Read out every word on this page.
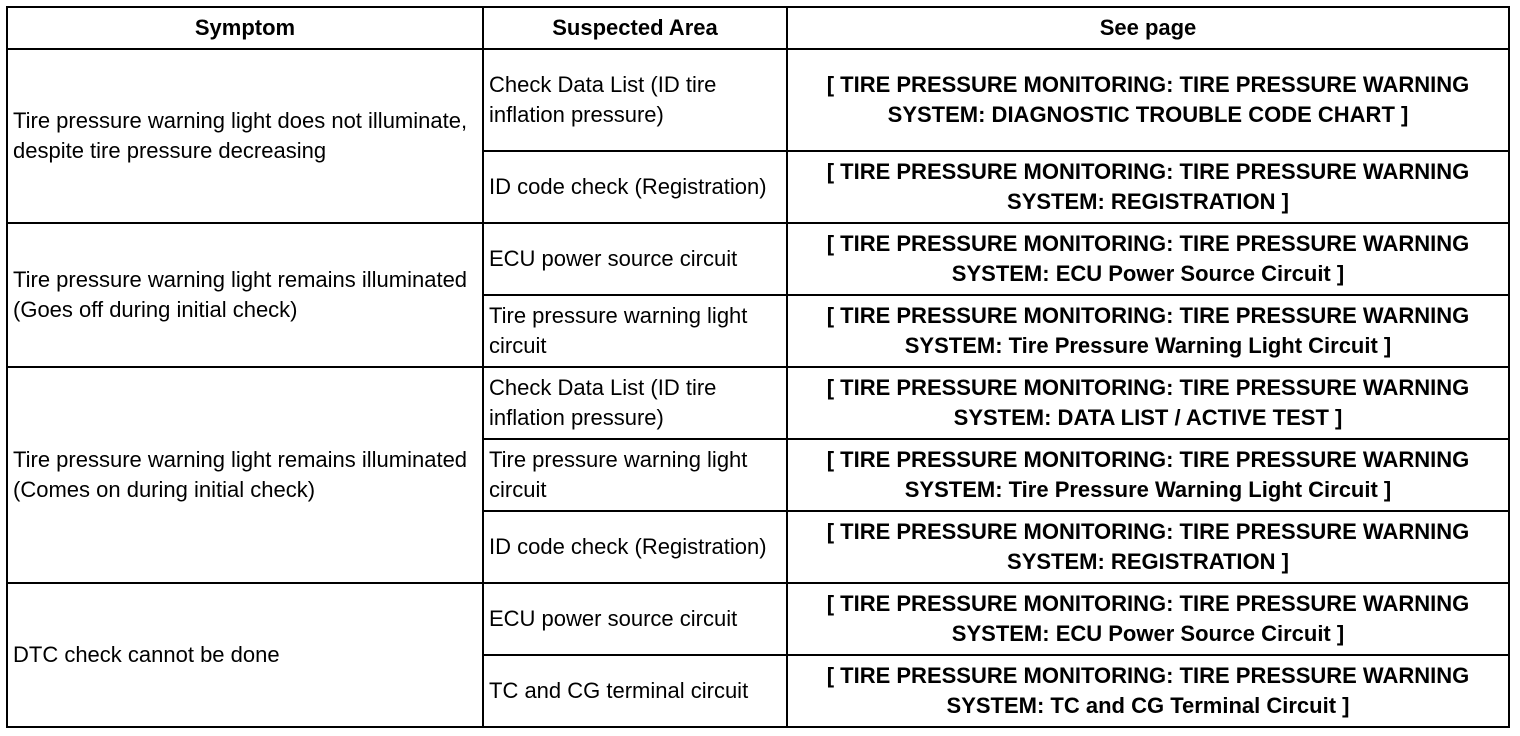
Symptom	Suspected Area	See page
Tire pressure warning light does not illuminate, despite tire pressure decreasing	Check Data List (ID tire inflation pressure)	[ TIRE PRESSURE MONITORING: TIRE PRESSURE WARNING SYSTEM: DIAGNOSTIC TROUBLE CODE CHART ]
	ID code check (Registration)	[ TIRE PRESSURE MONITORING: TIRE PRESSURE WARNING SYSTEM: REGISTRATION ]
Tire pressure warning light remains illuminated (Goes off during initial check)	ECU power source circuit	[ TIRE PRESSURE MONITORING: TIRE PRESSURE WARNING SYSTEM: ECU Power Source Circuit ]
	Tire pressure warning light circuit	[ TIRE PRESSURE MONITORING: TIRE PRESSURE WARNING SYSTEM: Tire Pressure Warning Light Circuit ]
Tire pressure warning light remains illuminated (Comes on during initial check)	Check Data List (ID tire inflation pressure)	[ TIRE PRESSURE MONITORING: TIRE PRESSURE WARNING SYSTEM: DATA LIST / ACTIVE TEST ]
	Tire pressure warning light circuit	[ TIRE PRESSURE MONITORING: TIRE PRESSURE WARNING SYSTEM: Tire Pressure Warning Light Circuit ]
	ID code check (Registration)	[ TIRE PRESSURE MONITORING: TIRE PRESSURE WARNING SYSTEM: REGISTRATION ]
DTC check cannot be done	ECU power source circuit	[ TIRE PRESSURE MONITORING: TIRE PRESSURE WARNING SYSTEM: ECU Power Source Circuit ]
	TC and CG terminal circuit	[ TIRE PRESSURE MONITORING: TIRE PRESSURE WARNING SYSTEM: TC and CG Terminal Circuit ]
